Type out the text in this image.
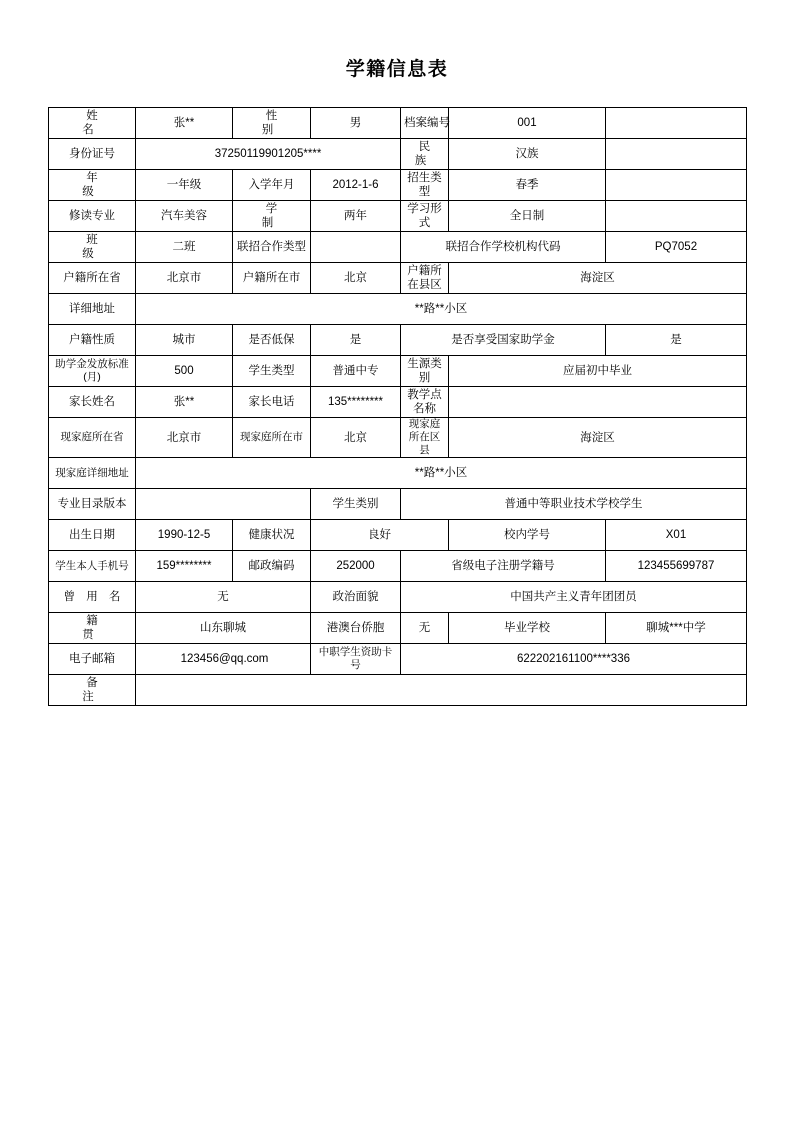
学籍信息表
姓　　名	张**	性　　别	男	档案编号	001	
身份证号	37250119901205****			民　　族	汉族	
年　　级	一年级	入学年月	2012-1-6	招生类型	春季	
修读专业	汽车美容	学　　制	两年	学习形式	全日制	
班　　级	二班	联招合作类型		联招合作学校机构代码		PQ7052
户籍所在省	北京市	户籍所在市	北京	户籍所在县区	海淀区	
详细地址	**路**小区					
户籍性质	城市	是否低保	是	是否享受国家助学金		是
助学金发放标准(月)	500	学生类型	普通中专	生源类别	应届初中毕业	
家长姓名	张**	家长电话	135********	教学点名称		
现家庭所在省	北京市	现家庭所在市	北京	现家庭所在区县	海淀区	
现家庭详细地址	**路**小区					
专业目录版本			学生类别	普通中等职业技术学校学生		
出生日期	1990-12-5	健康状况	良好		校内学号	X01
学生本人手机号	159********	邮政编码	252000	省级电子注册学籍号		123455699787
曾 用 名	无		政治面貌	中国共产主义青年团团员		
籍　　贯	山东聊城		港澳台侨胞	无	毕业学校	聊城***中学
电子邮箱	123456@qq.com		中职学生资助卡号	622202161100****336		
备　　注						
